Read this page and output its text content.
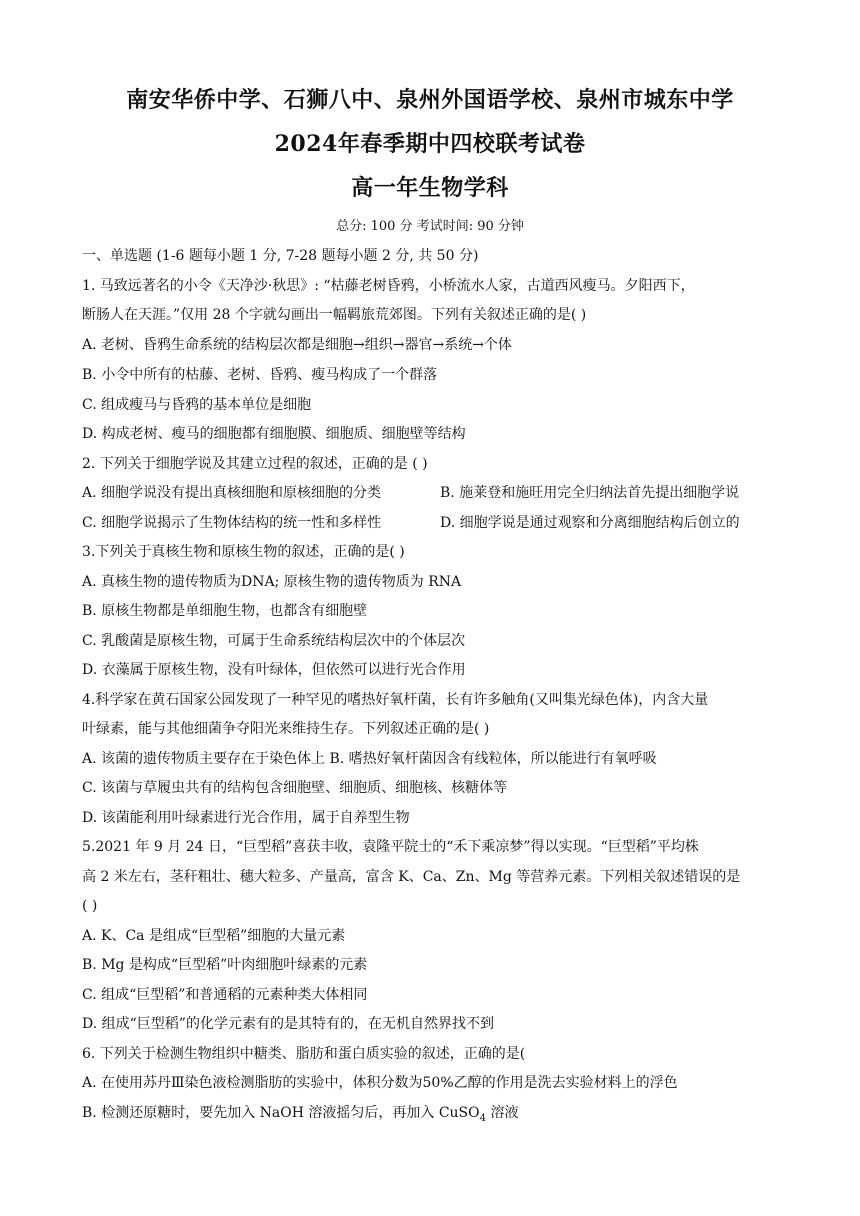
南安华侨中学、石狮八中、泉州外国语学校、泉州市城东中学
2024年春季期中四校联考试卷
高一年生物学科
总分: 100 分 考试时间: 90 分钟
一、单选题 (1-6 题每小题 1 分, 7-28 题每小题 2 分, 共 50 分)
1. 马致远著名的小令《天净沙·秋思》: “枯藤老树昏鸦，小桥流水人家，古道西风瘦马。夕阳西下，
断肠人在天涯。”仅用 28 个字就勾画出一幅羁旅荒郊图。下列有关叙述正确的是( )
A. 老树、昏鸦生命系统的结构层次都是细胞→组织→器官→系统→个体
B. 小令中所有的枯藤、老树、昏鸦、瘦马构成了一个群落
C. 组成瘦马与昏鸦的基本单位是细胞
D. 构成老树、瘦马的细胞都有细胞膜、细胞质、细胞壁等结构
2. 下列关于细胞学说及其建立过程的叙述，正确的是 ( )
A. 细胞学说没有提出真核细胞和原核细胞的分类	B. 施莱登和施旺用完全归纳法首先提出细胞学说
C. 细胞学说揭示了生物体结构的统一性和多样性	D. 细胞学说是通过观察和分离细胞结构后创立的
3.下列关于真核生物和原核生物的叙述，正确的是( )
A. 真核生物的遗传物质为DNA; 原核生物的遗传物质为 RNA
B. 原核生物都是单细胞生物，也都含有细胞壁
C. 乳酸菌是原核生物，可属于生命系统结构层次中的个体层次
D. 衣藻属于原核生物，没有叶绿体，但依然可以进行光合作用
4.科学家在黄石国家公园发现了一种罕见的嗜热好氧杆菌，长有许多触角(又叫集光绿色体)，内含大量
叶绿素，能与其他细菌争夺阳光来维持生存。下列叙述正确的是( )
A. 该菌的遗传物质主要存在于染色体上 B. 嗜热好氧杆菌因含有线粒体，所以能进行有氧呼吸
C. 该菌与草履虫共有的结构包含细胞壁、细胞质、细胞核、核糖体等
D. 该菌能利用叶绿素进行光合作用，属于自养型生物
5.2021 年 9 月 24 日，“巨型稻”喜获丰收，袁隆平院士的“禾下乘凉梦”得以实现。“巨型稻”平均株
高 2 米左右，茎秆粗壮、穗大粒多、产量高，富含 K、Ca、Zn、Mg 等营养元素。下列相关叙述错误的是
( )
A. K、Ca 是组成“巨型稻”细胞的大量元素
B. Mg 是构成“巨型稻”叶肉细胞叶绿素的元素
C. 组成“巨型稻”和普通稻的元素种类大体相同
D. 组成“巨型稻”的化学元素有的是其特有的，在无机自然界找不到
6. 下列关于检测生物组织中糖类、脂肪和蛋白质实验的叙述，正确的是(
A. 在使用苏丹Ⅲ染色液检测脂肪的实验中，体积分数为50%乙醇的作用是洗去实验材料上的浮色
B. 检测还原糖时，要先加入 NaOH 溶液摇匀后，再加入 CuSO$_4$ 溶液
